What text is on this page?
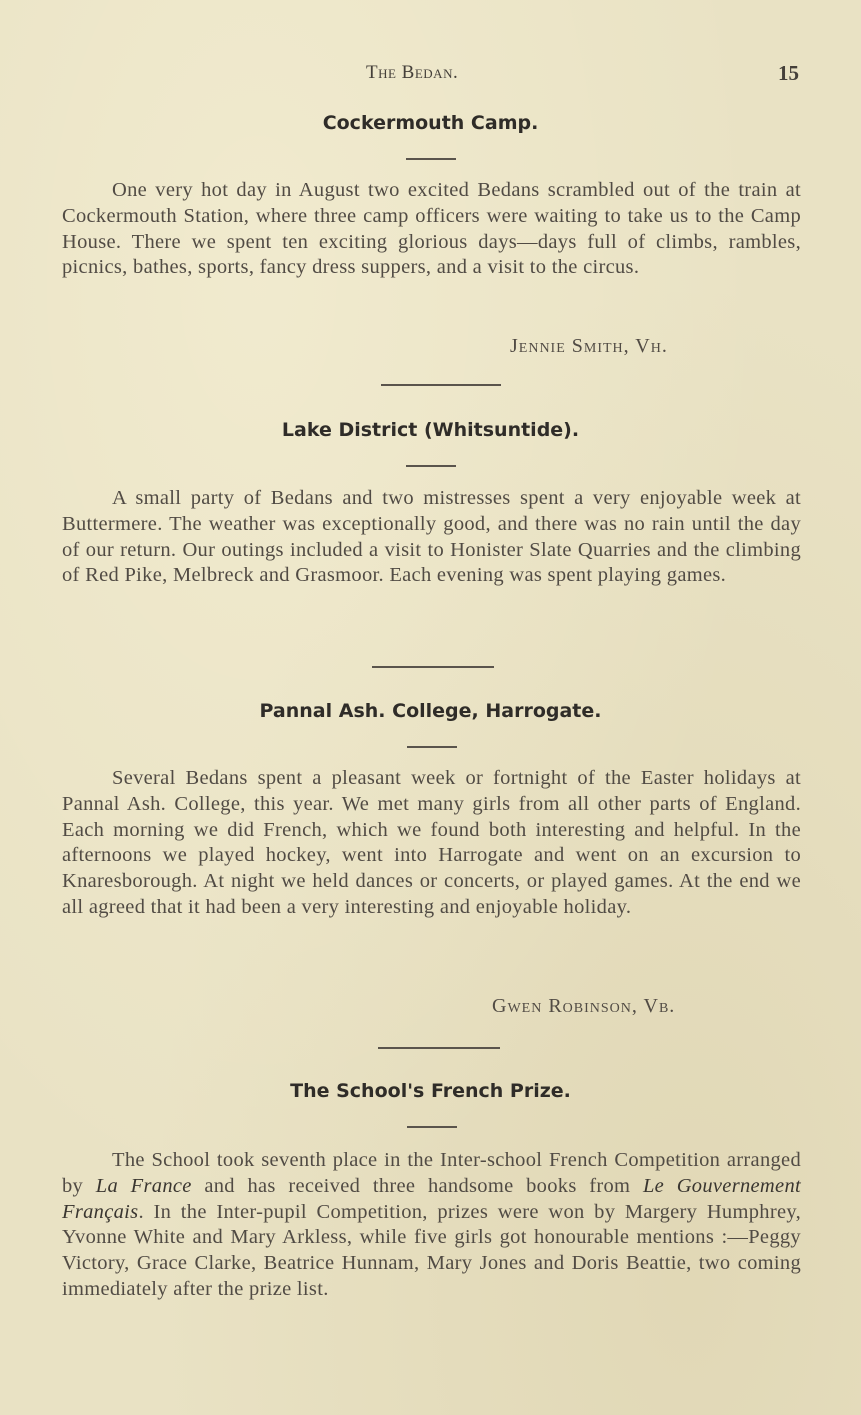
The Bedan.	15
Cockermouth Camp.

One very hot day in August two excited Bedans scrambled out of the train at Cockermouth Station, where three camp officers were waiting to take us to the Camp House. There we spent ten exciting glorious days—days full of climbs, rambles, picnics, bathes, sports, fancy dress suppers, and a visit to the circus.

Jennie Smith, Vh.
Lake District (Whitsuntide).

A small party of Bedans and two mistresses spent a very enjoyable week at Buttermere. The weather was exceptionally good, and there was no rain until the day of our return. Our outings included a visit to Honister Slate Quarries and the climbing of Red Pike, Melbreck and Grasmoor. Each evening was spent playing games.

Pannal Ash. College, Harrogate.

Several Bedans spent a pleasant week or fortnight of the Easter holidays at Pannal Ash. College, this year. We met many girls from all other parts of England. Each morning we did French, which we found both interesting and helpful. In the afternoons we played hockey, went into Harrogate and went on an excursion to Knaresborough. At night we held dances or concerts, or played games. At the end we all agreed that it had been a very interesting and enjoyable holiday.

Gwen Robinson, Vb.
The School's French Prize.

The School took seventh place in the Inter-school French Competition arranged by La France and has received three handsome books from Le Gouvernement Français. In the Inter-pupil Competition, prizes were won by Margery Humphrey, Yvonne White and Mary Arkless, while five girls got honourable mentions :—Peggy Victory, Grace Clarke, Beatrice Hunnam, Mary Jones and Doris Beattie, two coming immediately after the prize list.
